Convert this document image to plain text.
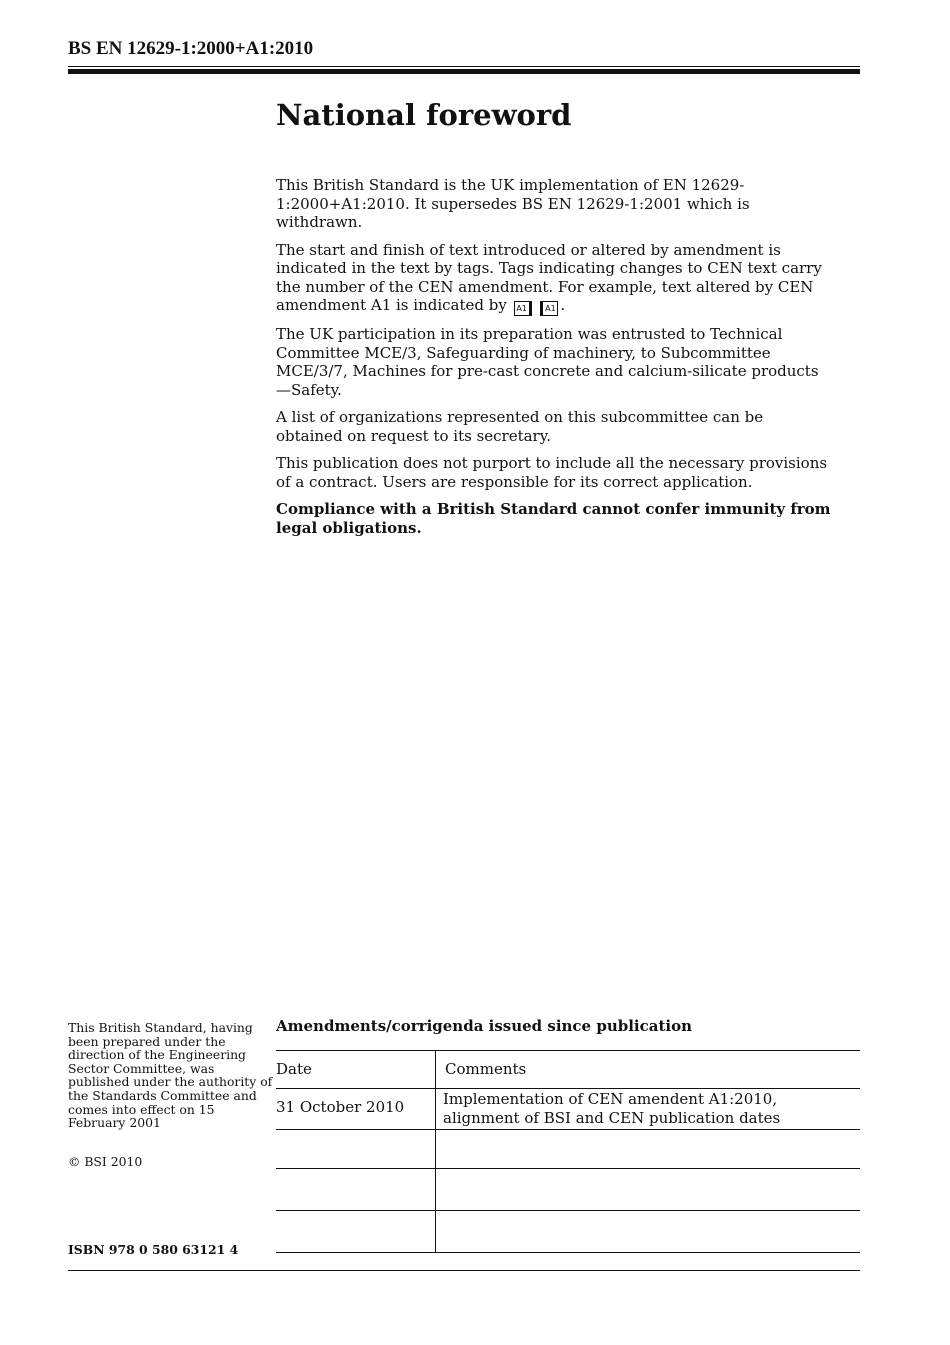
BS EN 12629-1:2000+A1:2010
National foreword

This British Standard is the UK implementation of EN 12629-1:2000+A1:2010. It supersedes BS EN 12629-1:2001 which is withdrawn.

The start and finish of text introduced or altered by amendment is indicated in the text by tags. Tags indicating changes to CEN text carry the number of the CEN amendment. For example, text altered by CEN amendment A1 is indicated by A1 A1 .

The UK participation in its preparation was entrusted to Technical Committee MCE/3, Safeguarding of machinery, to Subcommittee MCE/3/7, Machines for pre-cast concrete and calcium-silicate products—Safety.

A list of organizations represented on this subcommittee can be obtained on request to its secretary.

This publication does not purport to include all the necessary provisions of a contract. Users are responsible for its correct application.

Compliance with a British Standard cannot confer immunity from legal obligations.

This British Standard, having been prepared under the direction of the Engineering Sector Committee, was published under the authority of the Standards Committee and comes into effect on 15 February 2001
© BSI 2010
ISBN 978 0 580 63121 4
Amendments/corrigenda issued since publication
Date	Comments
31 October 2010	Implementation of CEN amendent A1:2010,
alignment of BSI and CEN publication dates
